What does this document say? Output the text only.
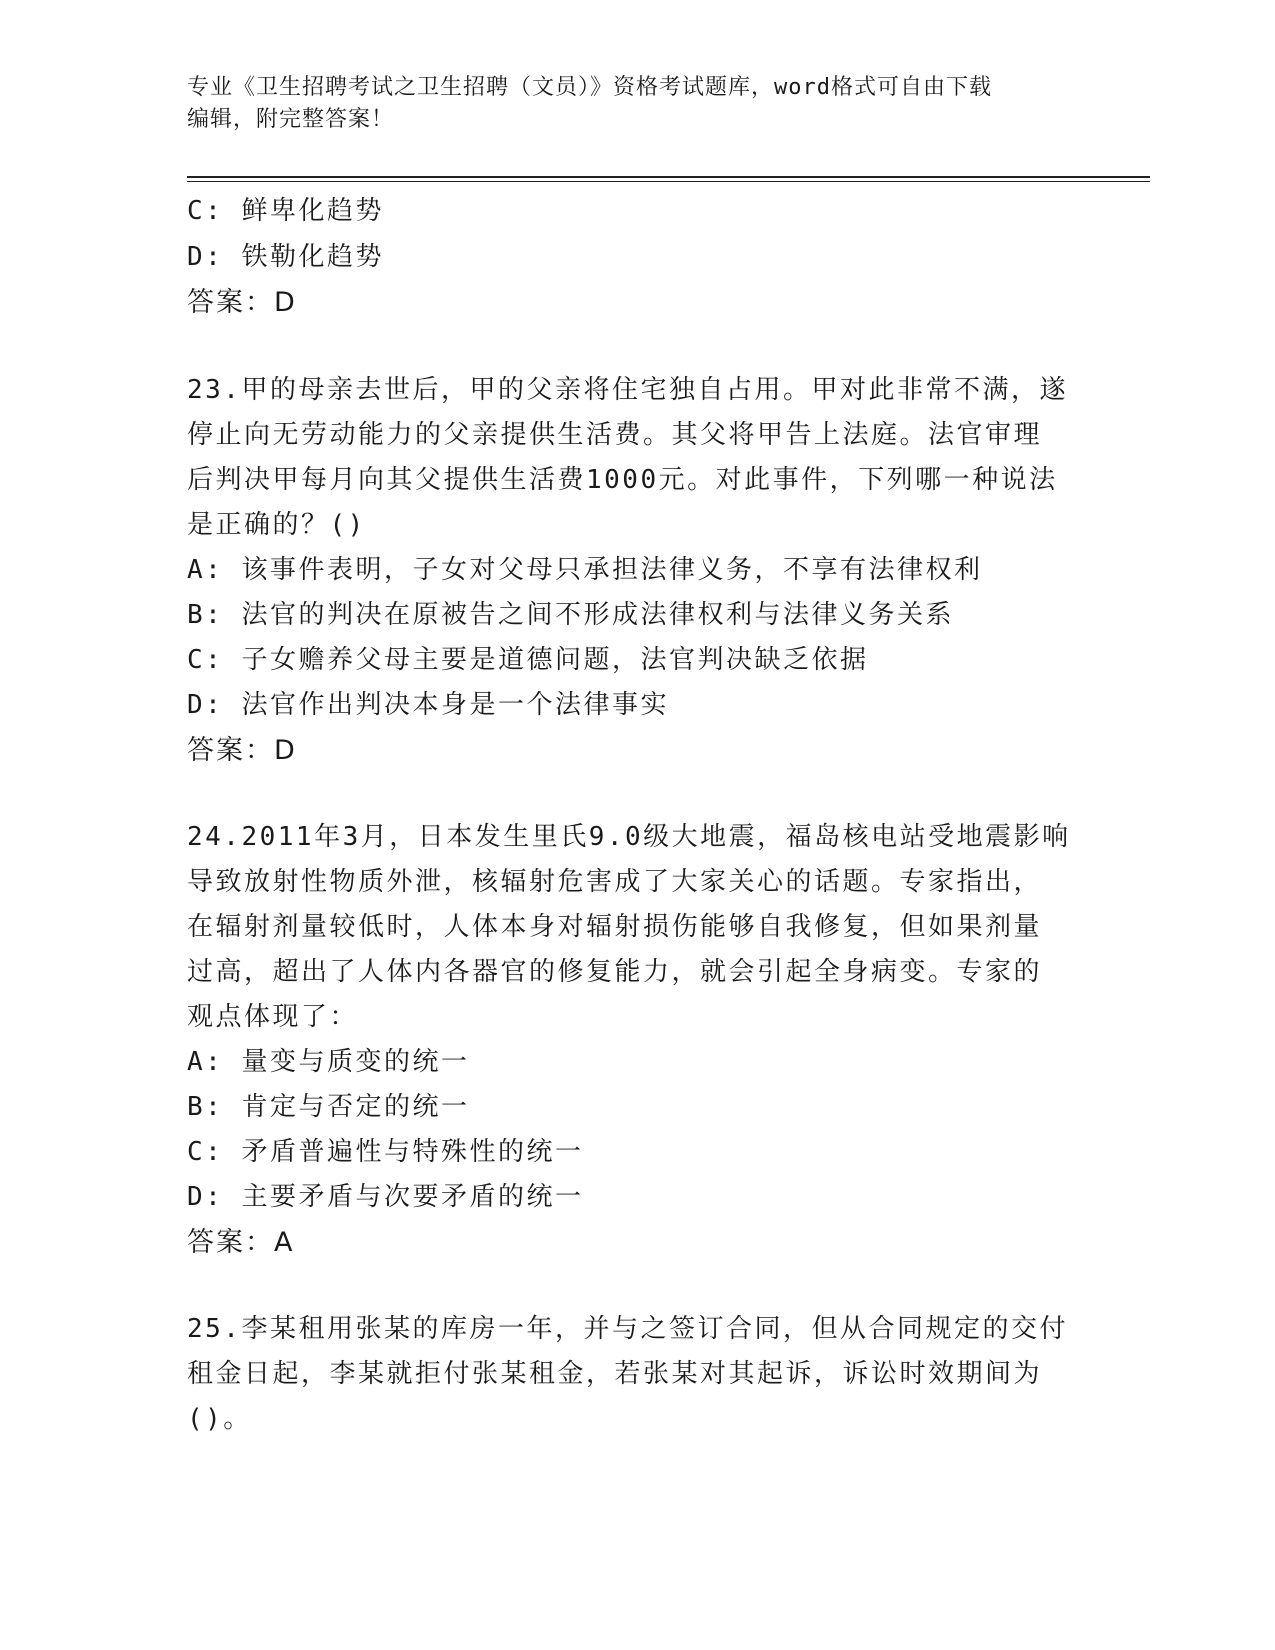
专业《卫生招聘考试之卫生招聘（文员）》资格考试题库，word格式可自由下载
编辑，附完整答案！
C: 鲜卑化趋势
D: 铁勒化趋势
答案：D
23.甲的母亲去世后，甲的父亲将住宅独自占用。甲对此非常不满，遂
停止向无劳动能力的父亲提供生活费。其父将甲告上法庭。法官审理
后判决甲每月向其父提供生活费1000元。对此事件，下列哪一种说法
是正确的？()
A: 该事件表明，子女对父母只承担法律义务，不享有法律权利
B: 法官的判决在原被告之间不形成法律权利与法律义务关系
C: 子女赡养父母主要是道德问题，法官判决缺乏依据
D: 法官作出判决本身是一个法律事实
答案：D
24.2011年3月，日本发生里氏9.0级大地震，福岛核电站受地震影响
导致放射性物质外泄，核辐射危害成了大家关心的话题。专家指出，
在辐射剂量较低时，人体本身对辐射损伤能够自我修复，但如果剂量
过高，超出了人体内各器官的修复能力，就会引起全身病变。专家的
观点体现了：
A: 量变与质变的统一
B: 肯定与否定的统一
C: 矛盾普遍性与特殊性的统一
D: 主要矛盾与次要矛盾的统一
答案：A
25.李某租用张某的库房一年，并与之签订合同，但从合同规定的交付
租金日起，李某就拒付张某租金，若张某对其起诉，诉讼时效期间为
()。
